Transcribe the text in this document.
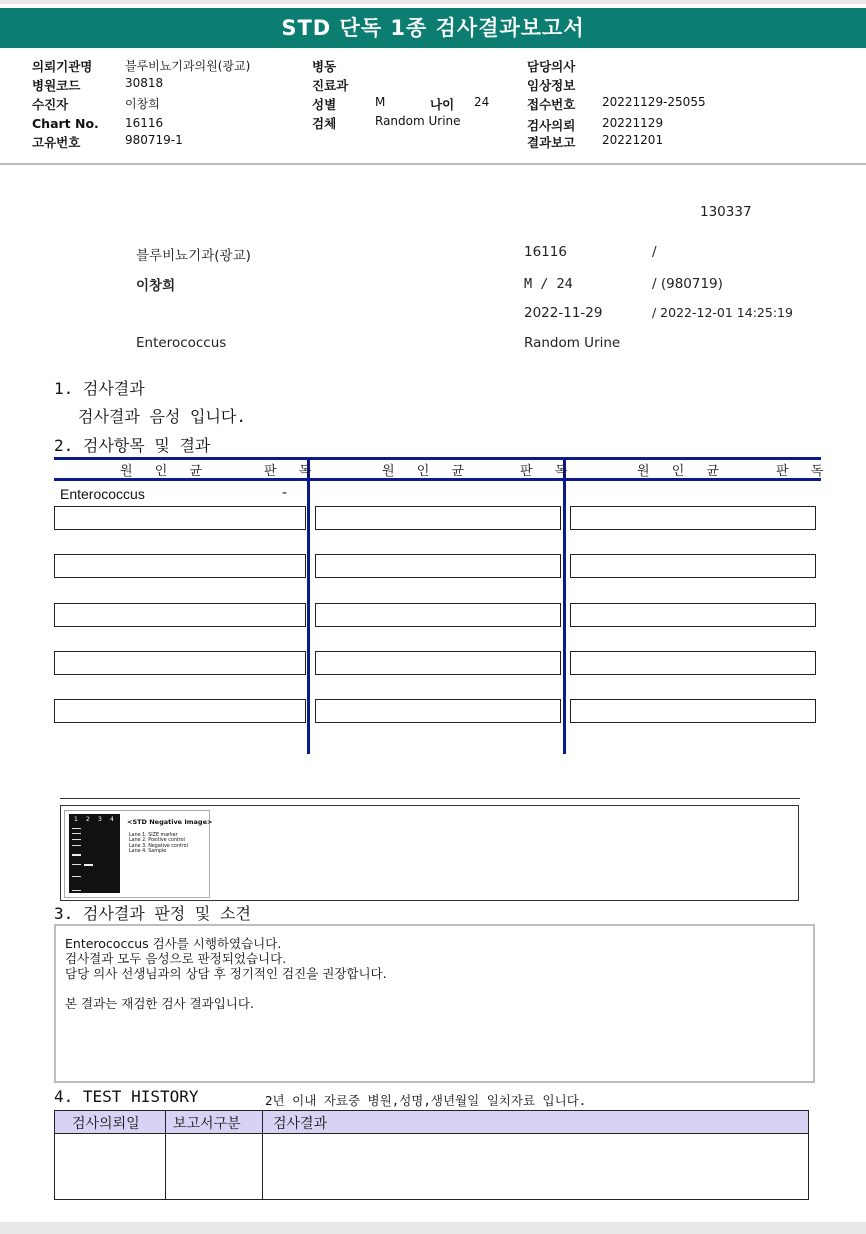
STD 단독 1종 검사결과보고서
의뢰기관명	블루비뇨기과의원(광교)
병원코드	30818
수진자	이창희
Chart No. 16116
고유번호	980719-1
병동
진료과
성별	M	나이 24
검체	Random Urine
담당의사
임상정보
접수번호 20221129-25055
검사의뢰 20221129
결과보고 20221201
130337
블루비뇨기과(광교)	16116	/
이창희	M / 24	/ (980719)
2022-11-29	/ 2022-12-01 14:25:19
Enterococcus	Random Urine
1. 검사결과
검사결과 음성 입니다.
2. 검사항목 및 결과
원 인 균	판 독	원 인 균	판 독	원 인 균	판 독
Enterococcus	-
1 2 3 4 <STD Negative Image>
Lane 1. SIZE marker
Lane 2. Positive control
Lane 3. Negative control
Lane 4. Sample
3. 검사결과 판정 및 소견
Enterococcus 검사를 시행하였습니다.
검사결과 모두 음성으로 판정되었습니다.
담당 의사 선생님과의 상담 후 정기적인 검진을 권장합니다.
본 결과는 재검한 검사 결과입니다.
4. TEST HISTORY	2년 이내 자료중 병원,성명,생년월일 일치자료 입니다.
검사의뢰일 보고서구분 검사결과
